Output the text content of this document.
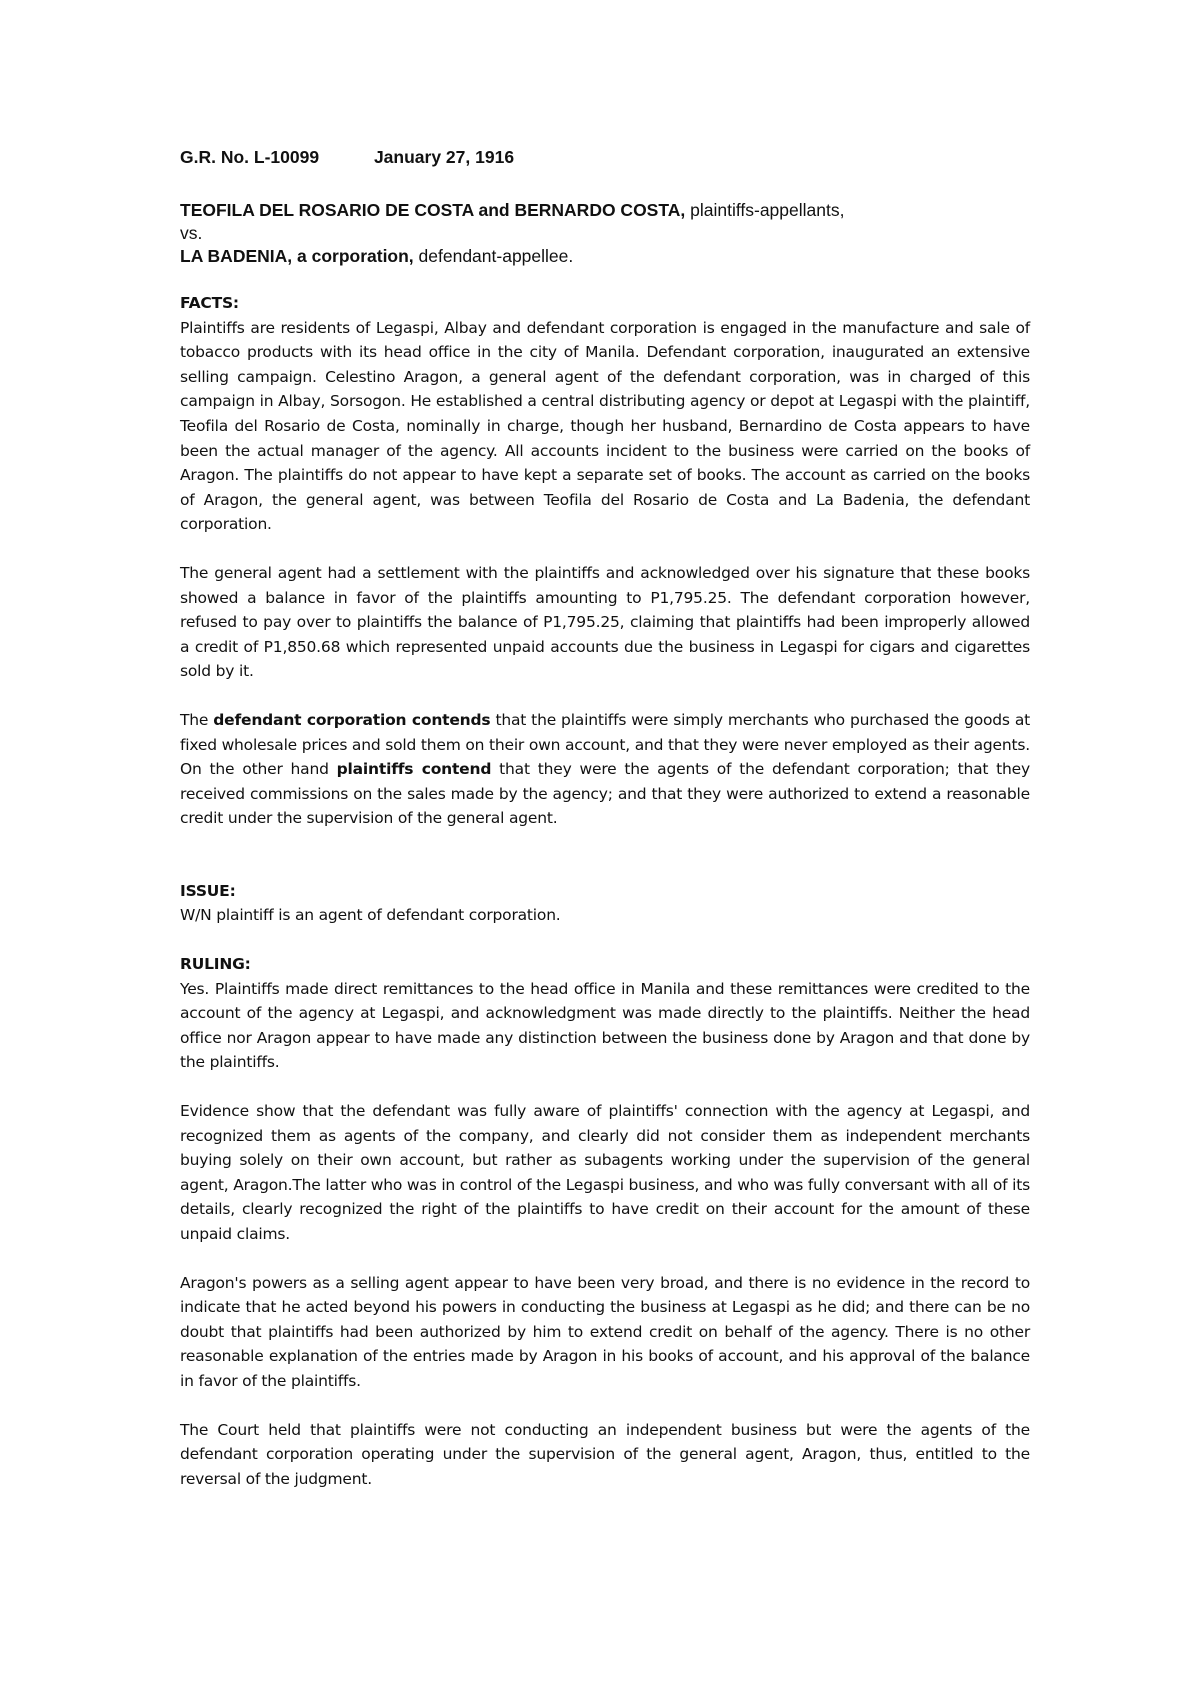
G.R. No. L-10099	January 27, 1916
TEOFILA DEL ROSARIO DE COSTA and BERNARDO COSTA, plaintiffs-appellants,
vs.
LA BADENIA, a corporation, defendant-appellee.
FACTS:

Plaintiffs are residents of Legaspi, Albay and defendant corporation is engaged in the manufacture and sale of tobacco products with its head office in the city of Manila. Defendant corporation, inaugurated an extensive selling campaign. Celestino Aragon, a general agent of the defendant corporation, was in charged of this campaign in Albay, Sorsogon. He established a central distributing agency or depot at Legaspi with the plaintiff, Teofila del Rosario de Costa, nominally in charge, though her husband, Bernardino de Costa appears to have been the actual manager of the agency. All accounts incident to the business were carried on the books of Aragon. The plaintiffs do not appear to have kept a separate set of books. The account as carried on the books of Aragon, the general agent, was between Teofila del Rosario de Costa and La Badenia, the defendant corporation.

The general agent had a settlement with the plaintiffs and acknowledged over his signature that these books showed a balance in favor of the plaintiffs amounting to P1,795.25. The defendant corporation however, refused to pay over to plaintiffs the balance of P1,795.25, claiming that plaintiffs had been improperly allowed a credit of P1,850.68 which represented unpaid accounts due the business in Legaspi for cigars and cigarettes sold by it.

The defendant corporation contends that the plaintiffs were simply merchants who purchased the goods at fixed wholesale prices and sold them on their own account, and that they were never employed as their agents. On the other hand plaintiffs contend that they were the agents of the defendant corporation; that they received commissions on the sales made by the agency; and that they were authorized to extend a reasonable credit under the supervision of the general agent.

ISSUE:

W/N plaintiff is an agent of defendant corporation.

RULING:

Yes. Plaintiffs made direct remittances to the head office in Manila and these remittances were credited to the account of the agency at Legaspi, and acknowledgment was made directly to the plaintiffs. Neither the head office nor Aragon appear to have made any distinction between the business done by Aragon and that done by the plaintiffs.

Evidence show that the defendant was fully aware of plaintiffs' connection with the agency at Legaspi, and recognized them as agents of the company, and clearly did not consider them as independent merchants buying solely on their own account, but rather as subagents working under the supervision of the general agent, Aragon.The latter who was in control of the Legaspi business, and who was fully conversant with all of its details, clearly recognized the right of the plaintiffs to have credit on their account for the amount of these unpaid claims.

Aragon's powers as a selling agent appear to have been very broad, and there is no evidence in the record to indicate that he acted beyond his powers in conducting the business at Legaspi as he did; and there can be no doubt that plaintiffs had been authorized by him to extend credit on behalf of the agency. There is no other reasonable explanation of the entries made by Aragon in his books of account, and his approval of the balance in favor of the plaintiffs.

The Court held that plaintiffs were not conducting an independent business but were the agents of the defendant corporation operating under the supervision of the general agent, Aragon, thus, entitled to the reversal of the judgment.
